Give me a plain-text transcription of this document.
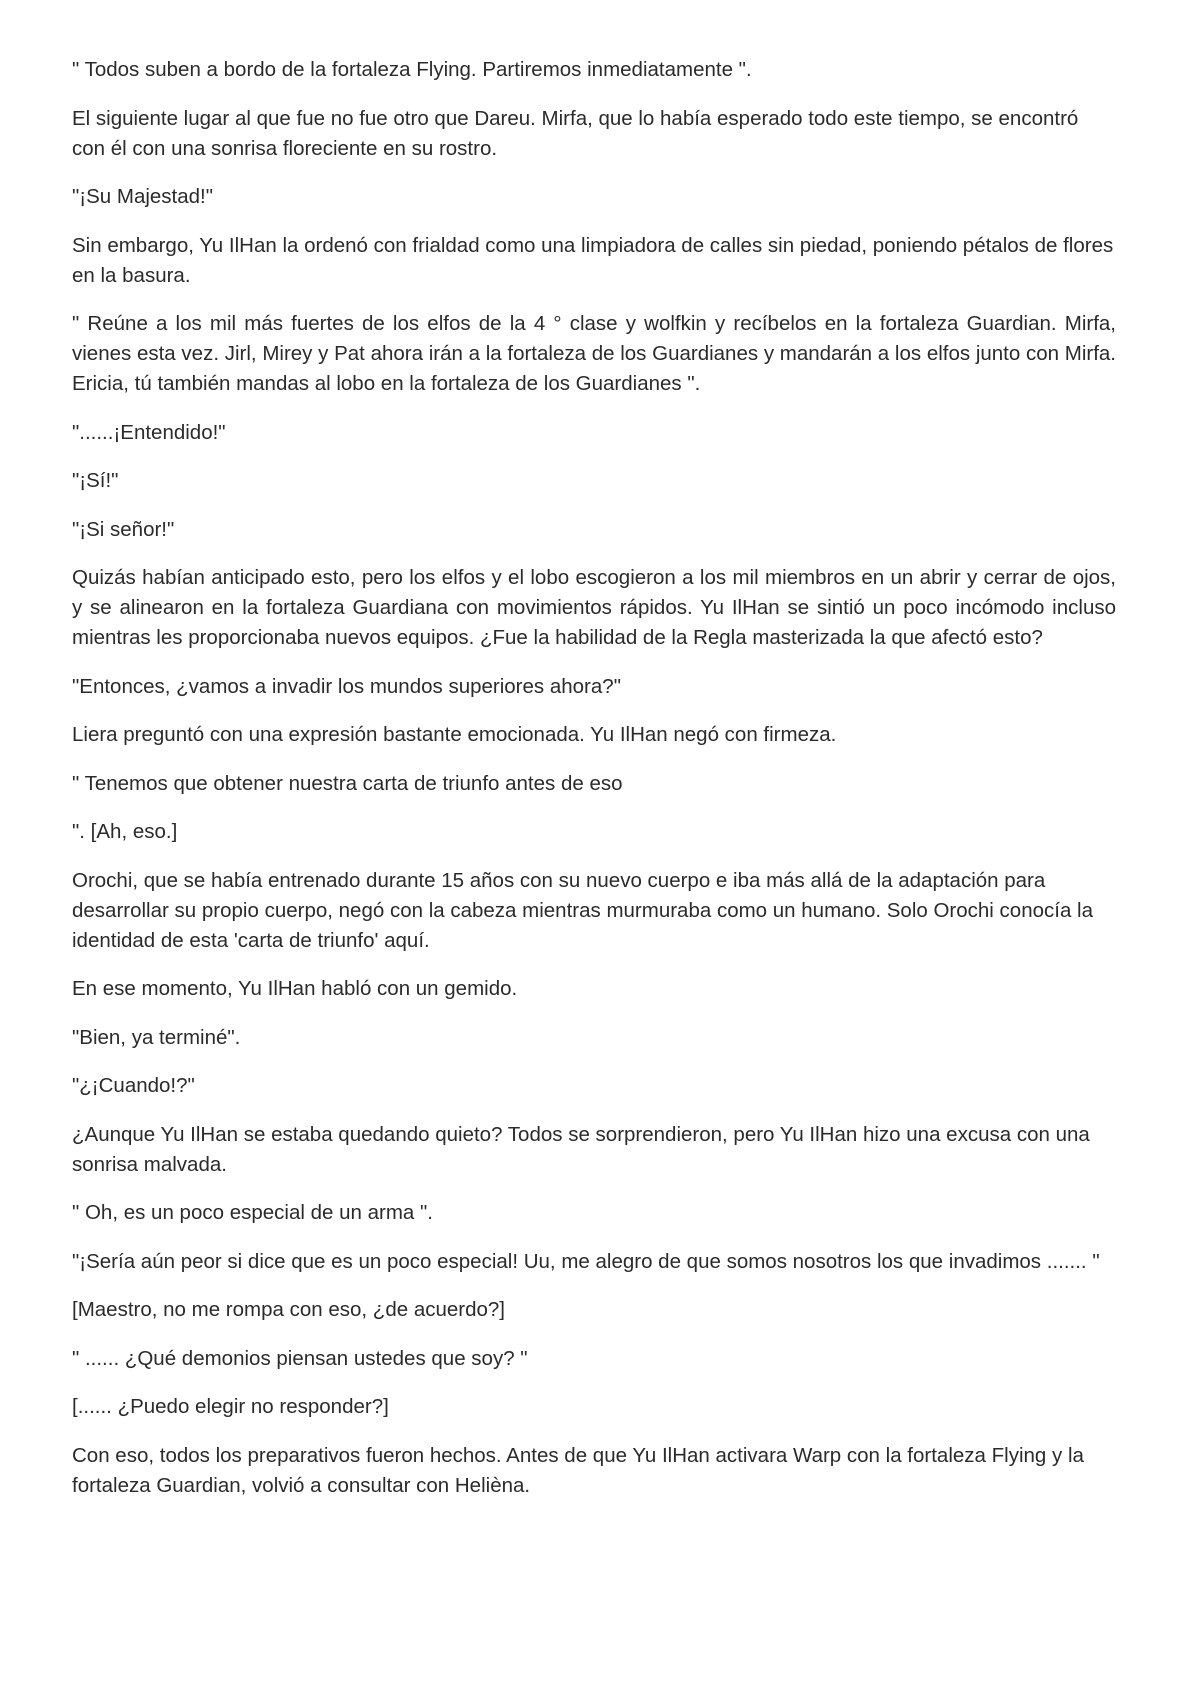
" Todos suben a bordo de la fortaleza Flying. Partiremos inmediatamente ".

El siguiente lugar al que fue no fue otro que Dareu. Mirfa, que lo había esperado todo este tiempo, se encontró con él con una sonrisa floreciente en su rostro.

"¡Su Majestad!"

Sin embargo, Yu IlHan la ordenó con frialdad como una limpiadora de calles sin piedad, poniendo pétalos de flores en la basura.

" Reúne a los mil más fuertes de los elfos de la 4 ° clase y wolfkin y recíbelos en la fortaleza Guardian. Mirfa, vienes esta vez. Jirl, Mirey y Pat ahora irán a la fortaleza de los Guardianes y mandarán a los elfos junto con Mirfa. Ericia, tú también mandas al lobo en la fortaleza de los Guardianes ".

"......¡Entendido!"

"¡Sí!"

"¡Si señor!"

Quizás habían anticipado esto, pero los elfos y el lobo escogieron a los mil miembros en un abrir y cerrar de ojos, y se alinearon en la fortaleza Guardiana con movimientos rápidos. Yu IlHan se sintió un poco incómodo incluso mientras les proporcionaba nuevos equipos. ¿Fue la habilidad de la Regla masterizada la que afectó esto?

"Entonces, ¿vamos a invadir los mundos superiores ahora?"

Liera preguntó con una expresión bastante emocionada. Yu IlHan negó con firmeza.

" Tenemos que obtener nuestra carta de triunfo antes de eso

". [Ah, eso.]

Orochi, que se había entrenado durante 15 años con su nuevo cuerpo e iba más allá de la adaptación para desarrollar su propio cuerpo, negó con la cabeza mientras murmuraba como un humano. Solo Orochi conocía la identidad de esta 'carta de triunfo' aquí.

En ese momento, Yu IlHan habló con un gemido.

"Bien, ya terminé".

"¿¡Cuando!?"

¿Aunque Yu IlHan se estaba quedando quieto? Todos se sorprendieron, pero Yu IlHan hizo una excusa con una sonrisa malvada.

" Oh, es un poco especial de un arma ".

"¡Sería aún peor si dice que es un poco especial! Uu, me alegro de que somos nosotros los que invadimos ....... "

[Maestro, no me rompa con eso, ¿de acuerdo?]

" ...... ¿Qué demonios piensan ustedes que soy? "

[...... ¿Puedo elegir no responder?]

Con eso, todos los preparativos fueron hechos. Antes de que Yu IlHan activara Warp con la fortaleza Flying y la fortaleza Guardian, volvió a consultar con Helièna.
